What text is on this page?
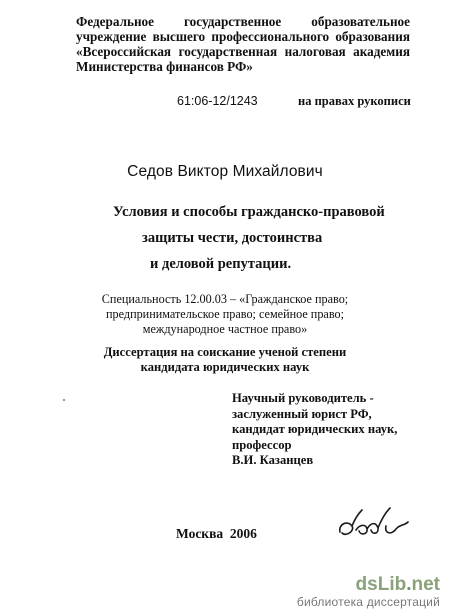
Федеральное государственное образовательное
учреждение высшего профессионального образования
«Всероссийская государственная налоговая академия
Министерства финансов РФ»
61:06-12/1243	на правах рукописи
Седов Виктор Михайлович
Условия и способы гражданско-правовой
защиты чести, достоинства
и деловой репутации.
Специальность 12.00.03 – «Гражданское право;
предпринимательское право; семейное право;
международное частное право»
Диссертация на соискание ученой степени
кандидата юридических наук
Научный руководитель -
заслуженный юрист РФ,
кандидат юридических наук,
профессор
В.И. Казанцев
Москва  2006
dsLib.net
библиотека диссертаций
